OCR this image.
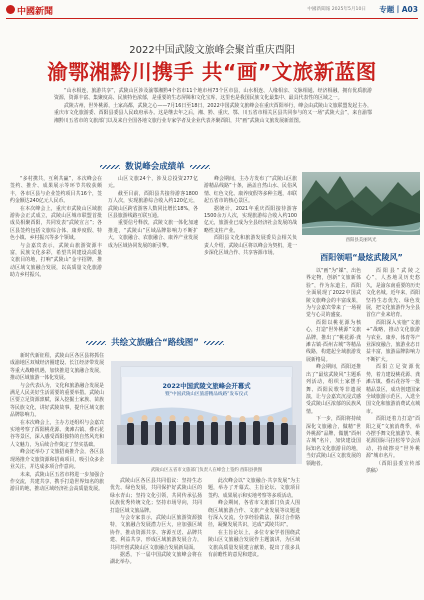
中國新聞	中國新聞報 2025年5月10日 专题丨A03
2022中国武陵文旅峰会聚首重庆酉阳
渝鄂湘黔川携手 共“画”文旅新蓝图

“山水相连，旅游共享”，武陵山区涉及渝鄂湘黔4个省市11个地市州73个区市县，山水相连、人缘相亲、文脉相通、经济相融，拥有优质旅游资源，资源丰富、集聚度高、民族特色浓郁，是重要的生态屏障和文化宝库，这里也是我国民族文化最集中、最具代表性的区域之一。

武陵古州，世外桃源，土家高都，武陵之心——7月16日至18日，2022中国武陵文旅峰会在重庆酉阳举行，峰会由武陵山文旅联盟发起主办，重庆市文化旅游委、酉阳县委县人民政府承办。这是继去年之后，湘、黔、重庆、鄂、川五省市相关区县共同参与的又一场“武陵大会”，来自渝鄂湘黔川五省市的文旅部门以及来自全国各地文旅行业专家学者及企业代表齐聚酉阳，共“画”武陵山文旅发展新蓝图。

数说峰会成绩单

“多村携共，互利共赢”，本次峰会在签约、推介、成果展示等环节共收获颇丰，各市区县与企业签约项目共16个，签约金额达240亿元人民币。

在本次峰会上，重庆市武陵山区域旅游协会正式成立，武陵山区城市联盟首批成员相聚酉阳，共同发表“武陵宣言”；各区县签约包括文旅综合体、康养度假、特色小镇、乡村振兴等多个领域。

与会嘉宾表示，武陵山旅游资源丰富，民族文化多彩，希望共同建设高质量文旅目的地，打响“武陵山”金字招牌，推动区域文旅融合发展，以高质量文化旅游助力乡村振兴。

山区文旅24个，涉及总投资277亿元。

截至目前，酉阳县共接待游客1800万人次，实现旅游综合收入约120亿元，武陵山区跨省游客人数同比增长18%，各区县旅游线路互联互通。

重要信号释放，武陵文旅一体化加速推进，“武陵山”区域品牌影响力不断扩大，文旅融合、农旅融合、康养产业发展成为区域协同发展的新引擎。

峰会期间，主办方发布了“武陵山区旅游精品线路”十条，涵盖自然山水、民俗风情、红色文化、康养度假等多种主题，串联起五省市的核心景区。

据统计，2021年重庆酉阳接待游客1500余万人次，实现旅游综合收入约100亿元，旅游业已成为全县经济社会发展的战略性支柱产业。

酉阳县文化和旅游发展委员会相关负责人介绍，武陵山区将以峰会为契机，进一步深化区域合作、共享客源市场。

酉阳县美丽风光
酉阳领唱“最炫武陵风”

以“画”为“媒”，出色界定物，创新“文旅新体验”，作为东道主，酉阳全面展现了2022中国武陵文旅峰会的丰富成果，为与会嘉宾带来了一场视觉与心灵的盛宴。

酉阳以桃花源为核心，打造“世外桃源”文旅品牌，推出了“桃花源·龚滩古镇·酉州古城”等精品线路，构建起全域旅游发展新格局。

峰会期间，酉阳还推出了“最炫武陵风”主题系列活动，组织土家摆手舞、酉阳民歌等非遗展演，让与会嘉宾沉浸式感受武陵山区浓郁的民族风情。

下一步，酉阳将持续深化文旅融合，做精“世外桃源”品牌，做靓“酉州古城”名片，加快建设国际知名文化旅游目的地，当好武陵山区文旅发展的领跑者。

酉阳县“武陵之心”，人杰地灵历史悠久，是渝东南重要的历史文化名城。近年来，酉阳坚持生态优先、绿色发展，把文化旅游作为全县首位产业来培育。

酉阳深入实施“文旅+”战略，推动文化旅游与农业、康养、体育等产业深度融合，旅游业态日益丰富，旅游品牌影响力不断扩大。

酉阳立足资源优势，着力建设桃花源、龚滩古镇、叠石花谷等一批精品景区，成功创建国家全域旅游示范区，入选全国文化和旅游消费试点城市。

酉阳还着力打造“酉阳之夏”文旅消费季，举办摆手舞文化旅游节、桃花源国际马拉松等节会活动，持续擦亮“世外桃源”城市名片。

（酉阳县委宣传部供稿）

共绘文旅融合“路线图”

新时代新征程，武陵山区各区县将抓住成渝地区双城经济圈建设、长江经济带发展等重大战略机遇，加快推进文旅融合发展，推动区域旅游一体化发展。

与会代表认为，文化和旅游融合发展是满足人民美好生活需要的重要举措。武陵山区要立足资源禀赋，深入挖掘土家族、苗族等民族文化，讲好武陵故事，提升区域文旅品牌影响力。

在本次峰会上，主办方还组织与会嘉宾实地考察了酉阳桃花源、龚滩古镇、叠石花谷等景区，深入感受酉阳独特的自然风光和人文魅力，为后续合作奠定了坚实基础。

峰会还举办了文旅招商推介会，各区县现场推介文旅资源和招商项目，吸引众多企业关注，并达成多项合作意向。

未来，武陵山区五省市将进一步加强合作交流，共建共享，携手打造世界知名的旅游目的地，推动区域经济社会高质量发展。

2022中国武陵文旅峰会开幕式
暨“中国武陵山区旅游精品线路”发布仪式
武陵山区五省市文旅部门负责人在峰会上签约 酉阳县供图

武陵山区各区县共同倡议：坚持生态优先、绿色发展，共同保护好武陵山区的绿水青山；坚持文化引领，共同传承弘扬民族优秀传统文化；坚持市场导向，共同打造区域文旅品牌。

与会专家表示，武陵山区旅游资源独特，文旅融合发展潜力巨大，应加强区域协作，推动资源共享、客源互送、品牌共建、利益共享，形成区域旅游发展合力，共同开创武陵山区文旅融合发展新局面。

据悉，下一届中国武陵文旅峰会将在湖北举办。

此次峰会以“文旅融合·共享发展”为主题，举办了开幕式、主旨论坛、文旅项目签约、成果展示和实地考察等多项活动。

峰会期间，各省市文旅部门负责人围绕区域旅游合作、文旅产业发展等议题进行深入交流，分享经验做法，探讨合作路径，凝聚发展共识，达成“武陵共识”。

在主旨论坛上，多位专家学者围绕武陵山区文旅融合发展作主题演讲，为区域文旅高质量发展建言献策，提出了很多具有前瞻性的意见和建议。
